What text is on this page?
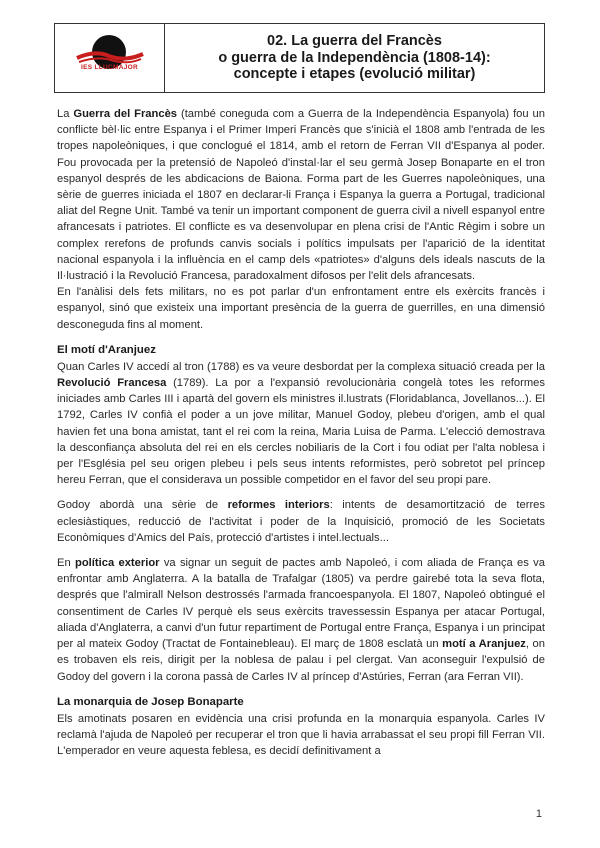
IES LLUCMAJOR
02. La guerra del Francès
o guerra de la Independència (1808-14):
concepte i etapes (evolució militar)

La Guerra del Francès (també coneguda com a Guerra de la Independència Espanyola) fou un conflicte bèl·lic entre Espanya i el Primer Imperi Francès que s'inicià el 1808 amb l'entrada de les tropes napoleòniques, i que conclogué el 1814, amb el retorn de Ferran VII d'Espanya al poder. Fou provocada per la pretensió de Napoleó d'instal·lar el seu germà Josep Bonaparte en el tron espanyol després de les abdicacions de Baiona. Forma part de les Guerres napoleòniques, una sèrie de guerres iniciada el 1807 en declarar-li França i Espanya la guerra a Portugal, tradicional aliat del Regne Unit. També va tenir un important component de guerra civil a nivell espanyol entre afrancesats i patriotes. El conflicte es va desenvolupar en plena crisi de l'Antic Règim i sobre un complex rerefons de profunds canvis socials i polítics impulsats per l'aparició de la identitat nacional espanyola i la influència en el camp dels «patriotes» d'alguns dels ideals nascuts de la Il·lustració i la Revolució Francesa, paradoxalment difosos per l'elit dels afrancesats.

En l'anàlisi dels fets militars, no es pot parlar d'un enfrontament entre els exèrcits francès i espanyol, sinó que existeix una important presència de la guerra de guerrilles, en una dimensió desconeguda fins al moment.

El motí d'Aranjuez

Quan Carles IV accedí al tron (1788) es va veure desbordat per la complexa situació creada per la Revolució Francesa (1789). La por a l'expansió revolucionària congelà totes les reformes iniciades amb Carles III i apartà del govern els ministres il.lustrats (Floridablanca, Jovellanos...). El 1792, Carles IV confià el poder a un jove militar, Manuel Godoy, plebeu d'origen, amb el qual havien fet una bona amistat, tant el rei com la reina, Maria Luisa de Parma. L'elecció demostrava la desconfiança absoluta del rei en els cercles nobiliaris de la Cort i fou odiat per l'alta noblesa i per l'Església pel seu origen plebeu i pels seus intents reformistes, però sobretot pel príncep hereu Ferran, que el considerava un possible competidor en el favor del seu propi pare.

Godoy abordà una sèrie de reformes interiors: intents de desamortització de terres eclesiàstiques, reducció de l'activitat i poder de la Inquisició, promoció de les Societats Econòmiques d'Amics del País, protecció d'artistes i intel.lectuals...

En política exterior va signar un seguit de pactes amb Napoleó, i com aliada de França es va enfrontar amb Anglaterra. A la batalla de Trafalgar (1805) va perdre gairebé tota la seva flota, després que l'almirall Nelson destrossés l'armada francoespanyola. El 1807, Napoleó obtingué el consentiment de Carles IV perquè els seus exèrcits travessessin Espanya per atacar Portugal, aliada d'Anglaterra, a canvi d'un futur repartiment de Portugal entre França, Espanya i un principat per al mateix Godoy (Tractat de Fontainebleau). El març de 1808 esclatà un motí a Aranjuez, on es trobaven els reis, dirigit per la noblesa de palau i pel clergat. Van aconseguir l'expulsió de Godoy del govern i la corona passà de Carles IV al príncep d'Astúries, Ferran (ara Ferran VII).

La monarquia de Josep Bonaparte

Els amotinats posaren en evidència una crisi profunda en la monarquia espanyola. Carles IV reclamà l'ajuda de Napoleó per recuperar el tron que li havia arrabassat el seu propi fill Ferran VII. L'emperador en veure aquesta feblesa, es decidí definitivament a

1
